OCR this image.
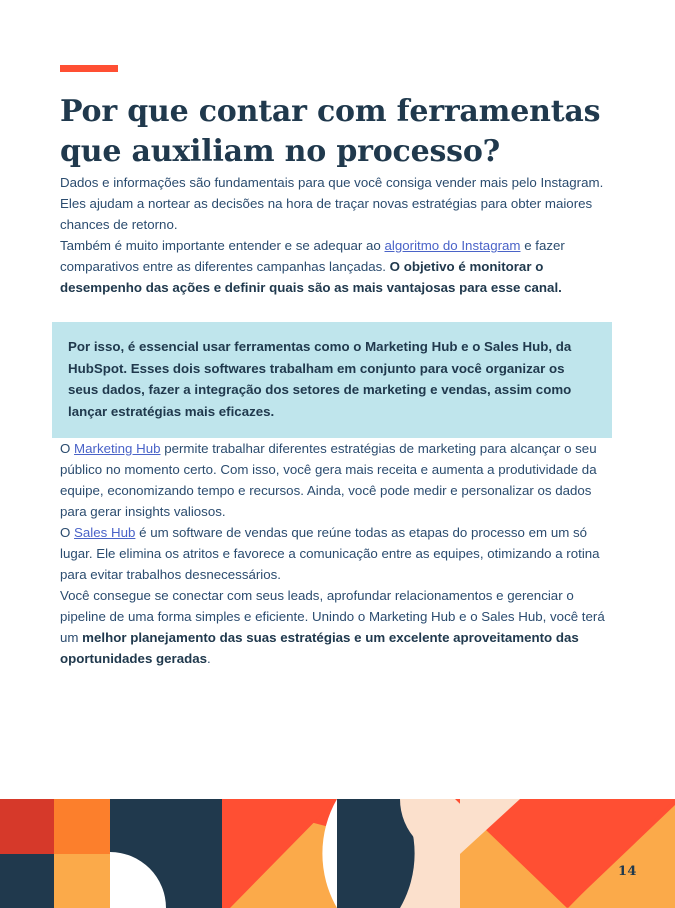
Por que contar com ferramentas
que auxiliam no processo?

Dados e informações são fundamentais para que você consiga vender mais pelo Instagram. Eles ajudam a nortear as decisões na hora de traçar novas estratégias para obter maiores chances de retorno.

Também é muito importante entender e se adequar ao algoritmo do Instagram e fazer comparativos entre as diferentes campanhas lançadas. O objetivo é monitorar o desempenho das ações e definir quais são as mais vantajosas para esse canal.

Por isso, é essencial usar ferramentas como o Marketing Hub e o Sales Hub, da HubSpot. Esses dois softwares trabalham em conjunto para você organizar os seus dados, fazer a integração dos setores de marketing e vendas, assim como lançar estratégias mais eficazes.

O Marketing Hub permite trabalhar diferentes estratégias de marketing para alcançar o seu público no momento certo. Com isso, você gera mais receita e aumenta a produtividade da equipe, economizando tempo e recursos. Ainda, você pode medir e personalizar os dados para gerar insights valiosos.

O Sales Hub é um software de vendas que reúne todas as etapas do processo em um só lugar. Ele elimina os atritos e favorece a comunicação entre as equipes, otimizando a rotina para evitar trabalhos desnecessários.

Você consegue se conectar com seus leads, aprofundar relacionamentos e gerenciar o pipeline de uma forma simples e eficiente. Unindo o Marketing Hub e o Sales Hub, você terá um melhor planejamento das suas estratégias e um excelente aproveitamento das oportunidades geradas.

14
